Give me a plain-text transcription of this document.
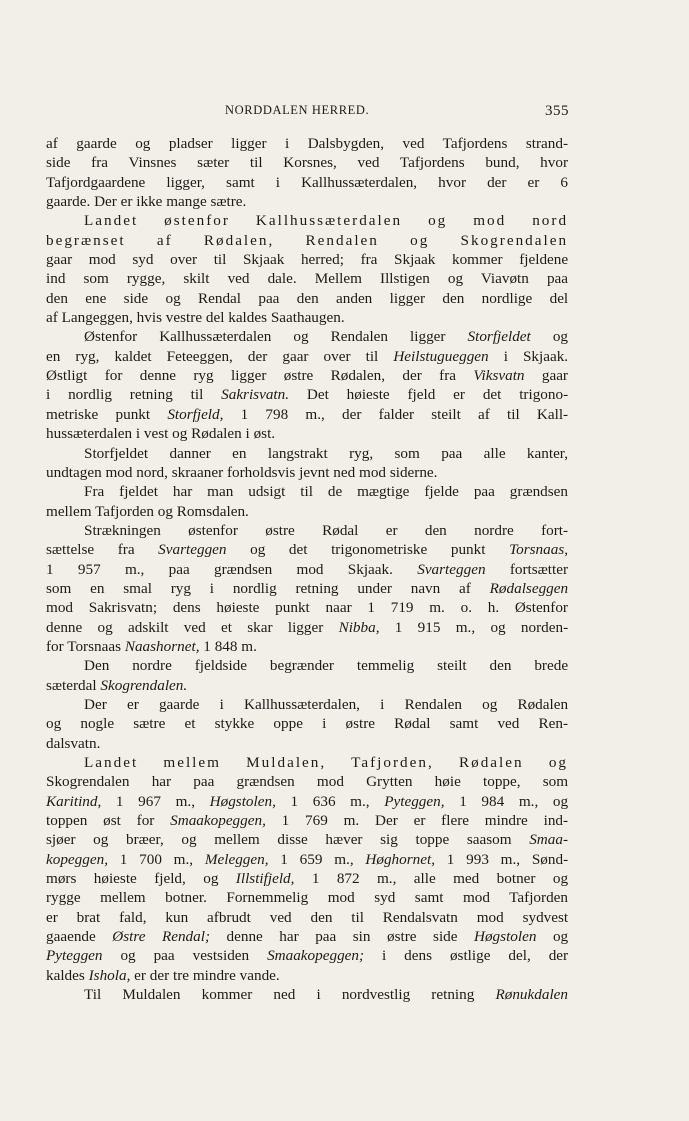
NORDDALEN HERRED.	355
af gaarde og pladser ligger i Dalsbygden, ved Tafjordens strand-
side fra Vinsnes sæter til Korsnes, ved Tafjordens bund, hvor
Tafjordgaardene ligger, samt i Kallhussæterdalen, hvor der er 6
gaarde. Der er ikke mange sætre.
Landet østenfor Kallhussæterdalen og mod nord
begrænset af Rødalen, Rendalen og Skogrendalen
gaar mod syd over til Skjaak herred; fra Skjaak kommer fjeldene
ind som rygge, skilt ved dale. Mellem Illstigen og Viavøtn paa
den ene side og Rendal paa den anden ligger den nordlige del
af Langeggen, hvis vestre del kaldes Saathaugen.
Østenfor Kallhussæterdalen og Rendalen ligger Storfjeldet og
en ryg, kaldet Feteeggen, der gaar over til Heilstugueggen i Skjaak.
Østligt for denne ryg ligger østre Rødalen, der fra Viksvatn gaar
i nordlig retning til Sakrisvatn. Det høieste fjeld er det trigono-
metriske punkt Storfjeld, 1 798 m., der falder steilt af til Kall-
hussæterdalen i vest og Rødalen i øst.
Storfjeldet danner en langstrakt ryg, som paa alle kanter,
undtagen mod nord, skraaner forholdsvis jevnt ned mod siderne.
Fra fjeldet har man udsigt til de mægtige fjelde paa grændsen
mellem Tafjorden og Romsdalen.
Strækningen østenfor østre Rødal er den nordre fort-
sættelse fra Svarteggen og det trigonometriske punkt Torsnaas,
1 957 m., paa grændsen mod Skjaak. Svarteggen fortsætter
som en smal ryg i nordlig retning under navn af Rødalseggen
mod Sakrisvatn; dens høieste punkt naar 1 719 m. o. h. Østenfor
denne og adskilt ved et skar ligger Nibba, 1 915 m., og norden-
for Torsnaas Naashornet, 1 848 m.
Den nordre fjeldside begrænder temmelig steilt den brede
sæterdal Skogrendalen.
Der er gaarde i Kallhussæterdalen, i Rendalen og Rødalen
og nogle sætre et stykke oppe i østre Rødal samt ved Ren-
dalsvatn.
Landet mellem Muldalen, Tafjorden, Rødalen og
Skogrendalen har paa grændsen mod Grytten høie toppe, som
Karitind, 1 967 m., Høgstolen, 1 636 m., Pyteggen, 1 984 m., og
toppen øst for Smaakopeggen, 1 769 m. Der er flere mindre ind-
sjøer og bræer, og mellem disse hæver sig toppe saasom Smaa-
kopeggen, 1 700 m., Meleggen, 1 659 m., Høghornet, 1 993 m., Sønd-
mørs høieste fjeld, og Illstifjeld, 1 872 m., alle med botner og
rygge mellem botner. Fornemmelig mod syd samt mod Tafjorden
er brat fald, kun afbrudt ved den til Rendalsvatn mod sydvest
gaaende Østre Rendal; denne har paa sin østre side Høgstolen og
Pyteggen og paa vestsiden Smaakopeggen; i dens østlige del, der
kaldes Ishola, er der tre mindre vande.
Til Muldalen kommer ned i nordvestlig retning Rønukdalen
